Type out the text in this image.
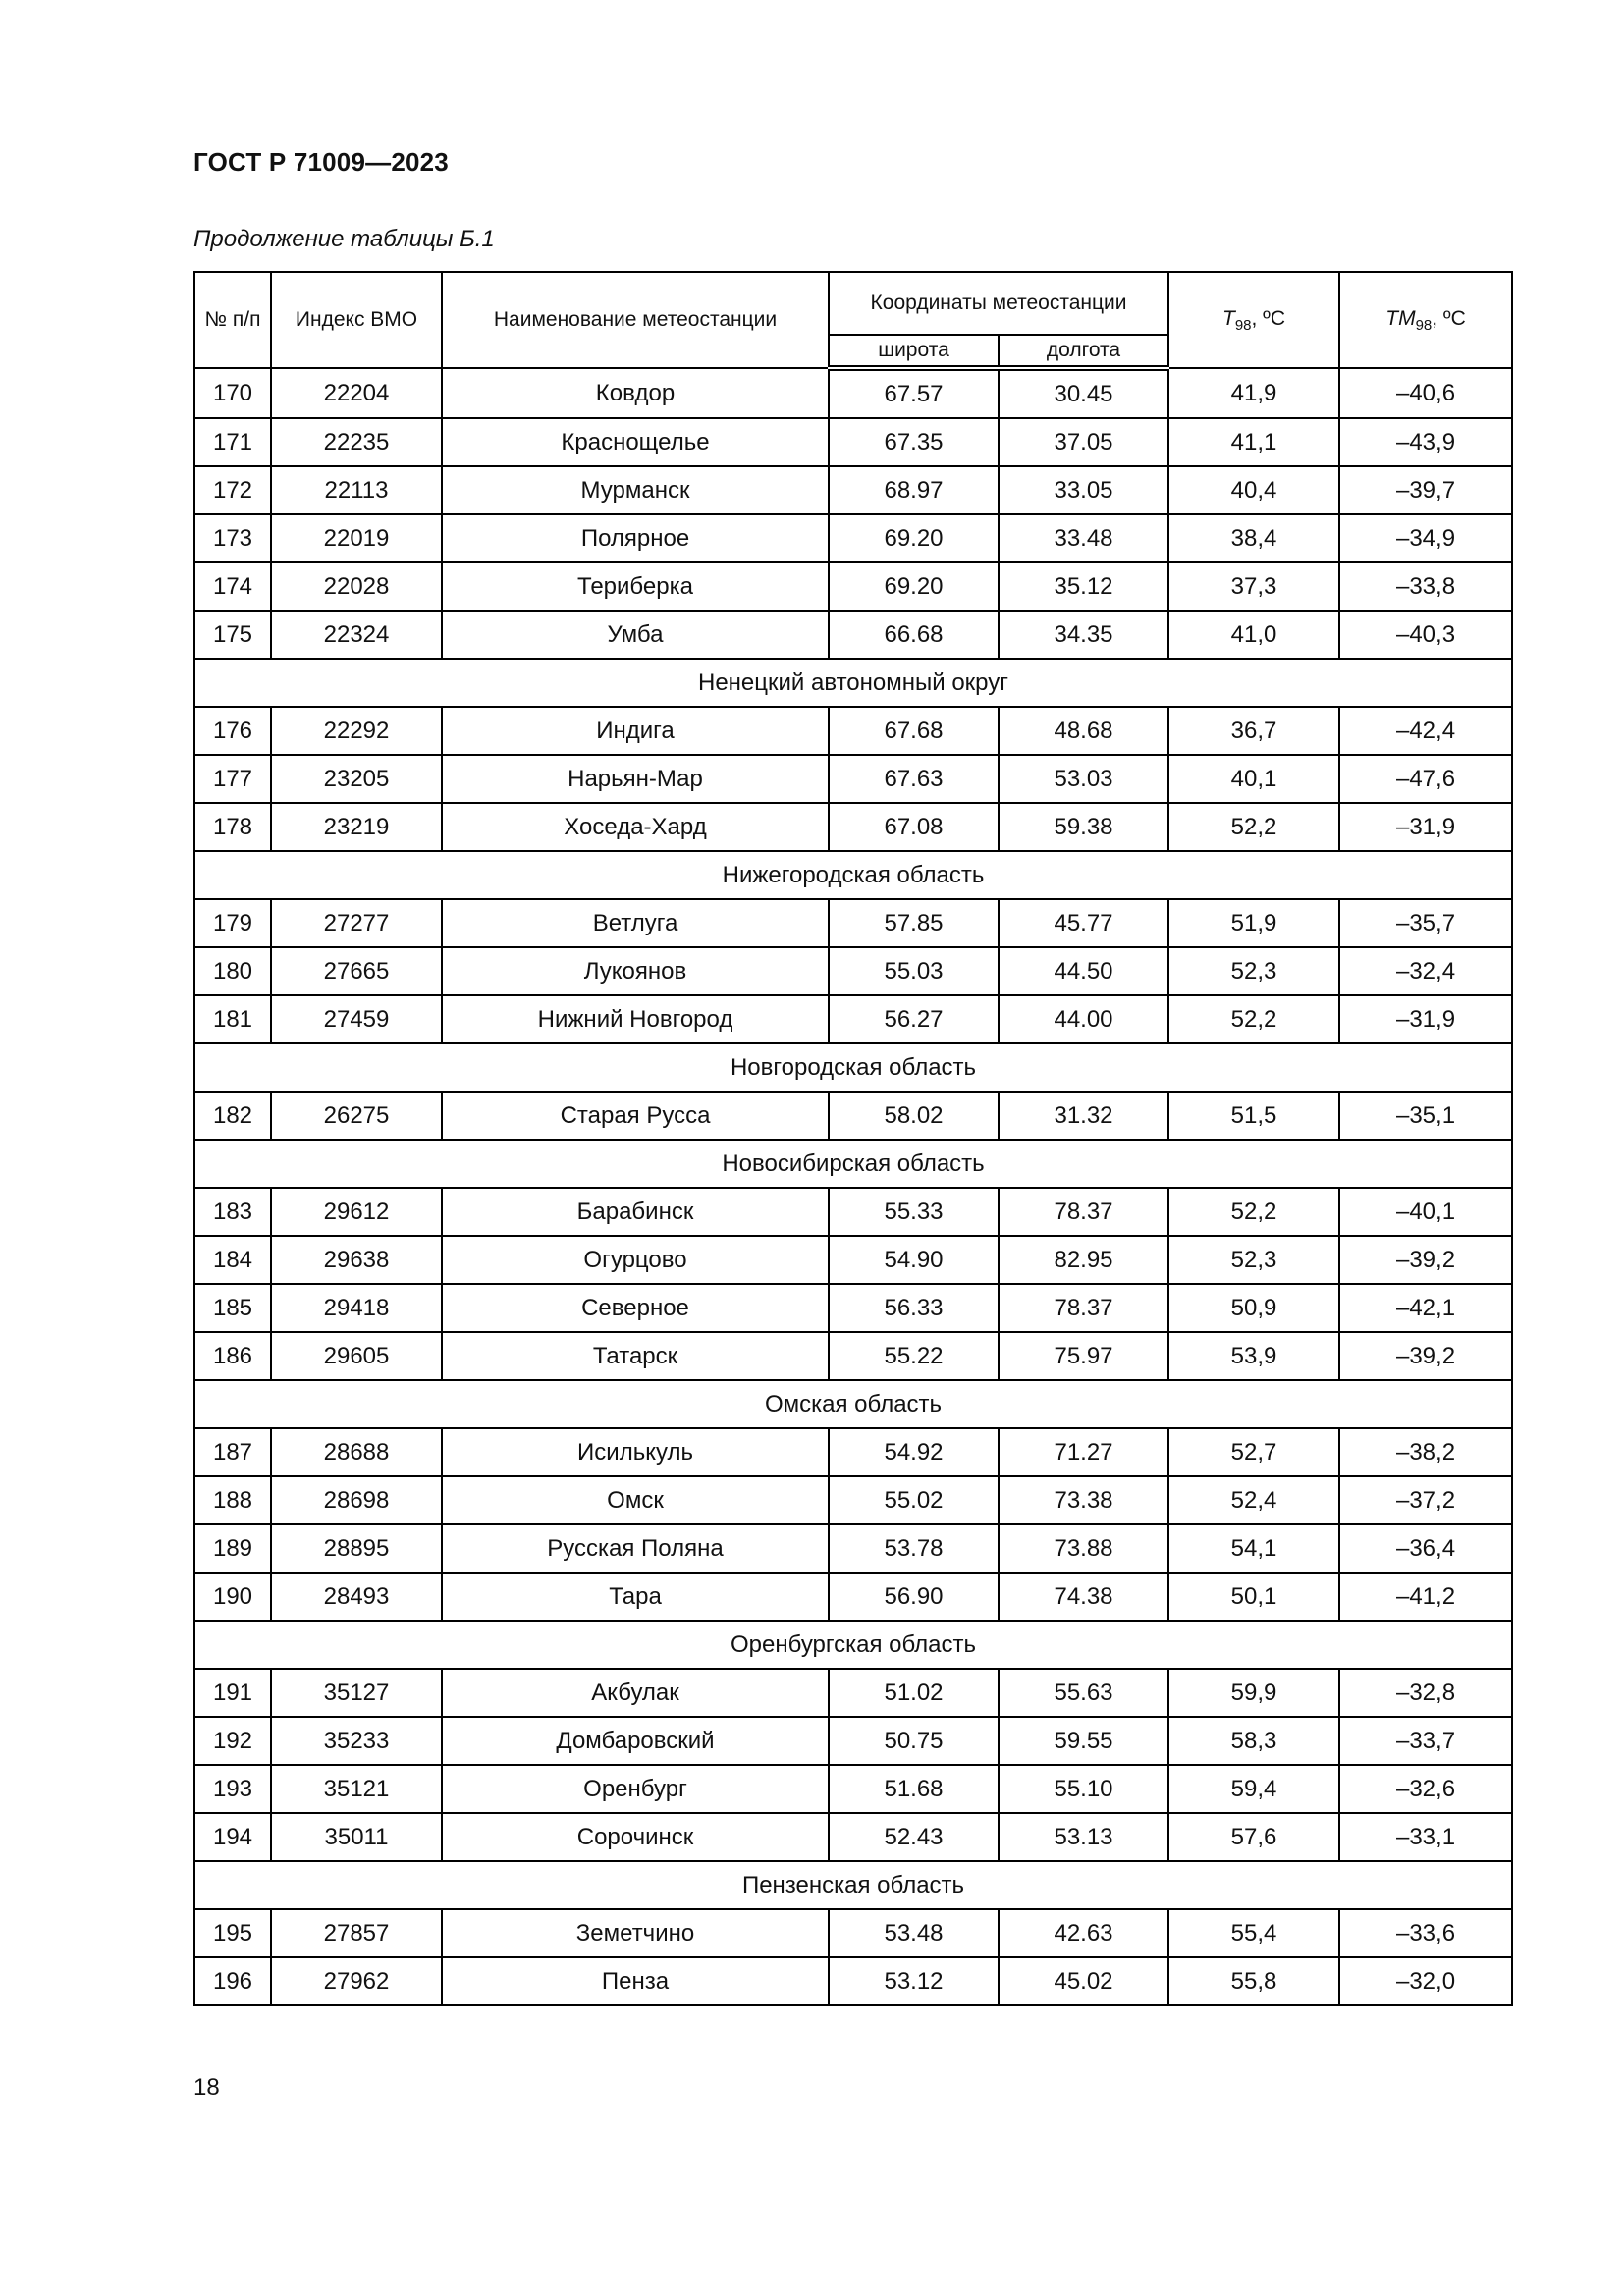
ГОСТ Р 71009—2023
Продолжение таблицы Б.1
№ п/п	Индекс ВМО	Наименование метеостанции	Координаты метеостанции		$T_{98}$, ºC	$TM_{98}$, ºC
			широта	долгота		
170	22204	Ковдор	67.57	30.45	41,9	–40,6
171	22235	Краснощелье	67.35	37.05	41,1	–43,9
172	22113	Мурманск	68.97	33.05	40,4	–39,7
173	22019	Полярное	69.20	33.48	38,4	–34,9
174	22028	Териберка	69.20	35.12	37,3	–33,8
175	22324	Умба	66.68	34.35	41,0	–40,3
Ненецкий автономный округ						
176	22292	Индига	67.68	48.68	36,7	–42,4
177	23205	Нарьян-Мар	67.63	53.03	40,1	–47,6
178	23219	Хоседа-Хард	67.08	59.38	52,2	–31,9
Нижегородская область						
179	27277	Ветлуга	57.85	45.77	51,9	–35,7
180	27665	Лукоянов	55.03	44.50	52,3	–32,4
181	27459	Нижний Новгород	56.27	44.00	52,2	–31,9
Новгородская область						
182	26275	Старая Русса	58.02	31.32	51,5	–35,1
Новосибирская область						
183	29612	Барабинск	55.33	78.37	52,2	–40,1
184	29638	Огурцово	54.90	82.95	52,3	–39,2
185	29418	Северное	56.33	78.37	50,9	–42,1
186	29605	Татарск	55.22	75.97	53,9	–39,2
Омская область						
187	28688	Исилькуль	54.92	71.27	52,7	–38,2
188	28698	Омск	55.02	73.38	52,4	–37,2
189	28895	Русская Поляна	53.78	73.88	54,1	–36,4
190	28493	Тара	56.90	74.38	50,1	–41,2
Оренбургская область						
191	35127	Акбулак	51.02	55.63	59,9	–32,8
192	35233	Домбаровский	50.75	59.55	58,3	–33,7
193	35121	Оренбург	51.68	55.10	59,4	–32,6
194	35011	Сорочинск	52.43	53.13	57,6	–33,1
Пензенская область						
195	27857	Земетчино	53.48	42.63	55,4	–33,6
196	27962	Пенза	53.12	45.02	55,8	–32,0
18
